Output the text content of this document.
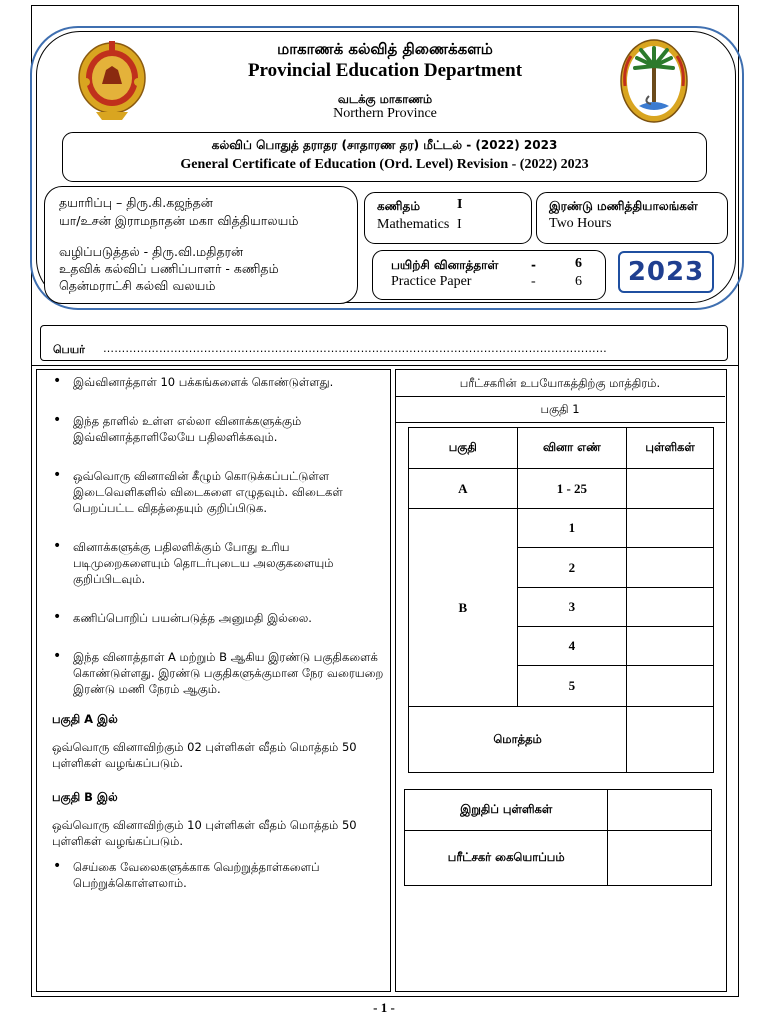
மாகாணக் கல்வித் திணைக்களம்
Provincial Education Department
வடக்கு மாகாணம்
Northern Province
கல்விப் பொதுத் தராதர (சாதாரண தர) மீட்டல் - (2022) 2023
General Certificate of Education (Ord. Level) Revision - (2022) 2023
தயாரிப்பு – திரு.கி.கஜந்தன்
யா/உசன் இராமநாதன் மகா வித்தியாலயம்
வழிப்படுத்தல் - திரு.வி.மதிதரன்
உதவிக் கல்விப் பணிப்பாளர் - கணிதம்
தென்மராட்சி கல்வி வலயம்
கணிதம்	I
Mathematics I
இரண்டு மணித்தியாலங்கள்
Two Hours
பயிற்சி வினாத்தாள்	-	6
Practice Paper	-	6	2023
பெயர் ………………………………………………………………………………………………………………………
• இவ்வினாத்தாள் 10 பக்கங்களைக் கொண்டுள்ளது.
• இந்த தாளில் உள்ள எல்லா வினாக்களுக்கும் இவ்வினாத்தாளிலேயே பதிலளிக்கவும்.
• ஒவ்வொரு வினாவின் கீழும் கொடுக்கப்பட்டுள்ள இடைவெளிகளில் விடைகளை எழுதவும். விடைகள் பெறப்பட்ட விதத்தையும் குறிப்பிடுக.
• வினாக்களுக்கு பதிலளிக்கும் போது உரிய படிமுறைகளையும் தொடர்புடைய அலகுகளையும் குறிப்பிடவும்.
• கணிப்பொறிப் பயன்படுத்த அனுமதி இல்லை.
• இந்த வினாத்தாள் A மற்றும் B ஆகிய இரண்டு பகுதிகளைக் கொண்டுள்ளது. இரண்டு பகுதிகளுக்குமான நேர வரையறை இரண்டு மணி நேரம் ஆகும்.
பகுதி A இல்

ஒவ்வொரு வினாவிற்கும் 02 புள்ளிகள் வீதம் மொத்தம் 50 புள்ளிகள் வழங்கப்படும்.

பகுதி B இல்

ஒவ்வொரு வினாவிற்கும் 10 புள்ளிகள் வீதம் மொத்தம் 50 புள்ளிகள் வழங்கப்படும்.

• செய்கை வேலைகளுக்காக வெற்றுத்தாள்களைப் பெற்றுக்கொள்ளலாம்.
பரீட்சகரின் உபயோகத்திற்கு மாத்திரம்.
பகுதி 1
பகுதி	வினா எண்	புள்ளிகள்
A	1 - 25	
B	1	
	2	
	3	
	4	
	5	
மொத்தம்		
இறுதிப் புள்ளிகள்	
பரீட்சகர் கையொப்பம்	
- 1 -
